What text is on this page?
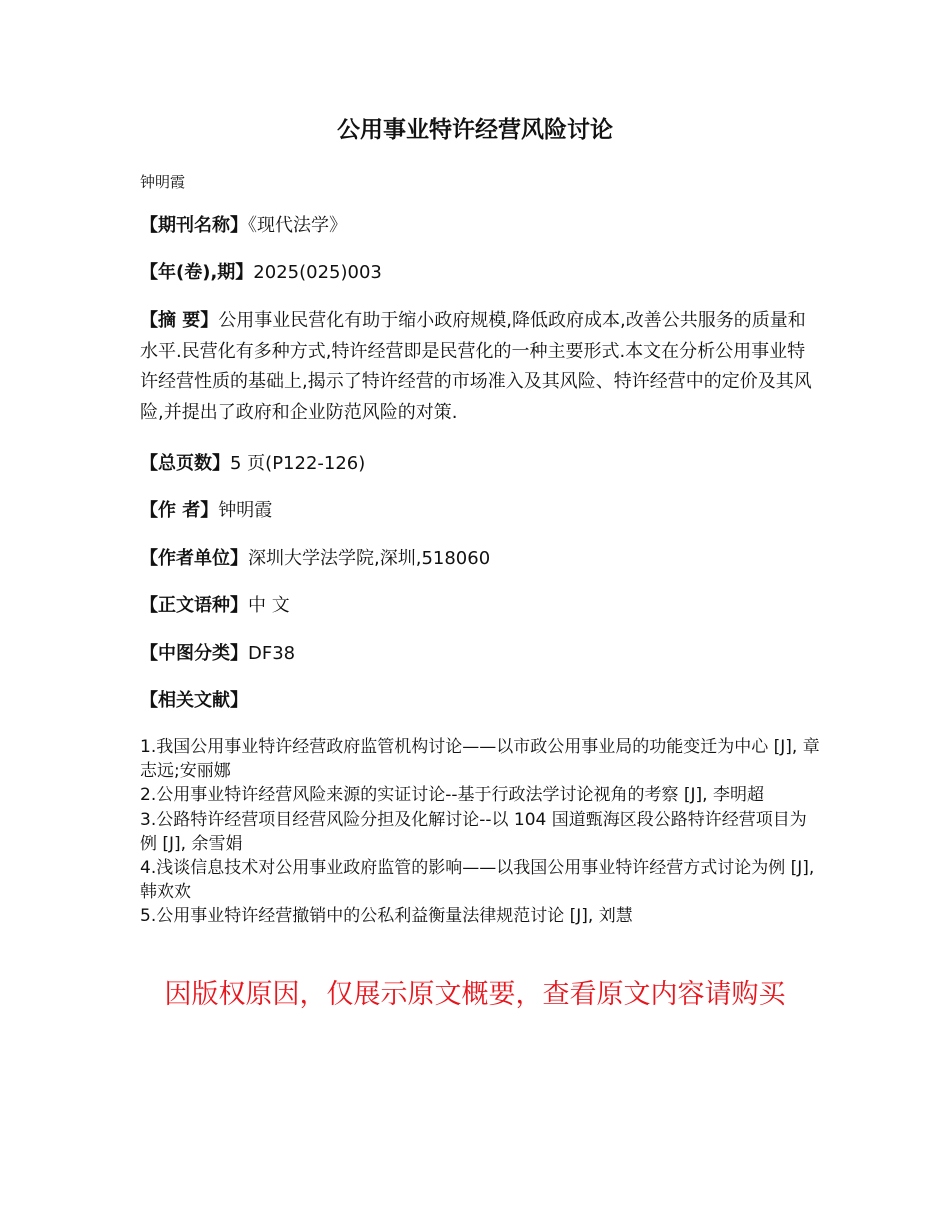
公用事业特许经营风险讨论
钟明霞
【期刊名称】《现代法学》
【年(卷),期】2025(025)003
【摘 要】公用事业民营化有助于缩小政府规模,降低政府成本,改善公共服务的质量和水平.民营化有多种方式,特许经营即是民营化的一种主要形式.本文在分析公用事业特许经营性质的基础上,揭示了特许经营的市场准入及其风险、特许经营中的定价及其风险,并提出了政府和企业防范风险的对策.
【总页数】5 页(P122-126)
【作 者】钟明霞
【作者单位】深圳大学法学院,深圳,518060
【正文语种】中 文
【中图分类】DF38
【相关文献】

1.我国公用事业特许经营政府监管机构讨论——以市政公用事业局的功能变迁为中心 [J], 章志远;安丽娜

2.公用事业特许经营风险来源的实证讨论--基于行政法学讨论视角的考察 [J], 李明超

3.公路特许经营项目经营风险分担及化解讨论--以 104 国道甄海区段公路特许经营项目为例 [J], 余雪娟

4.浅谈信息技术对公用事业政府监管的影响——以我国公用事业特许经营方式讨论为例 [J], 韩欢欢

5.公用事业特许经营撤销中的公私利益衡量法律规范讨论 [J], 刘慧

因版权原因，仅展示原文概要，查看原文内容请购买
